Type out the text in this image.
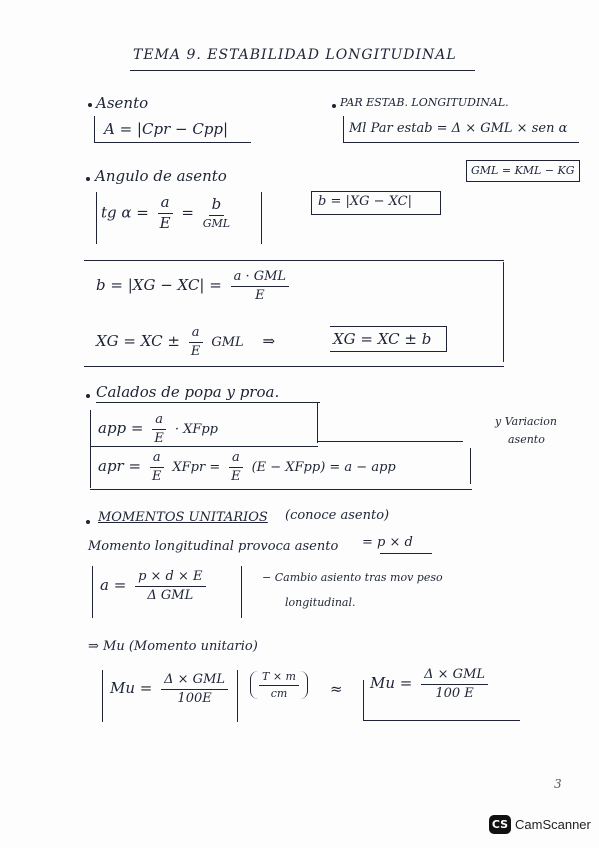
TEMA 9. ESTABILIDAD LONGITUDINAL
Asento
A = |Cpr − Cpp|
PAR ESTAB. LONGITUDINAL.
Ml Par estab = Δ × GML × sen α
GML = KML − KG
Angulo de asento
tg $\alpha = \frac{a}{E} = \frac{b}{\text{GML}}$	b = |XG − XC|
$b = |XG - XC| = \frac{\text{a · GML}}{E}$
XG = XC ± $\frac{a}{E}$ GML ⇒	XG = XC ± b
Calados de popa y proa.
app = $\frac{a}{E}$ · XFpp
apr = $\frac{a}{E}$ XFpr = $\frac{a}{E} (E$ − XFpp) = a − app
y Variacion
asento
MOMENTOS UNITARIOS (conoce asento)
Momento longitudinal provoca asento = p × d
$a = \frac{p \times d \times E}{\text{Δ GML}}$	− Cambio asiento tras mov peso
longitudinal.
⇒ Mu (Momento unitario)
$Mu = \frac{\text{Δ × GML}}{100E}$	$\frac{T \times m}{cm} \approx Mu = \frac{\text{Δ × GML}}{100 E}$
3
CS CamScanner
